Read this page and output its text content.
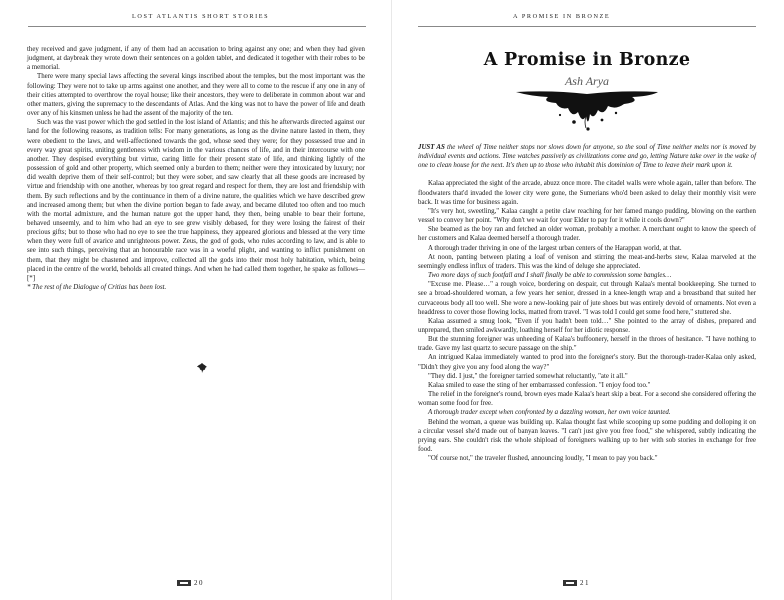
LOST ATLANTIS SHORT STORIES

they received and gave judgment, if any of them had an accusation to bring against any one; and when they had given judgment, at daybreak they wrote down their sentences on a golden tablet, and dedicated it together with their robes to be a memorial.

There were many special laws affecting the several kings inscribed about the temples, but the most important was the following: They were not to take up arms against one another, and they were all to come to the rescue if any one in any of their cities attempted to overthrow the royal house; like their ancestors, they were to deliberate in common about war and other matters, giving the supremacy to the descendants of Atlas. And the king was not to have the power of life and death over any of his kinsmen unless he had the assent of the majority of the ten.

Such was the vast power which the god settled in the lost island of Atlantis; and this he afterwards directed against our land for the following reasons, as tradition tells: For many generations, as long as the divine nature lasted in them, they were obedient to the laws, and well-affectioned towards the god, whose seed they were; for they possessed true and in every way great spirits, uniting gentleness with wisdom in the various chances of life, and in their intercourse with one another. They despised everything but virtue, caring little for their present state of life, and thinking lightly of the possession of gold and other property, which seemed only a burden to them; neither were they intoxicated by luxury; nor did wealth deprive them of their self-control; but they were sober, and saw clearly that all these goods are increased by virtue and friendship with one another, whereas by too great regard and respect for them, they are lost and friendship with them. By such reflections and by the continuance in them of a divine nature, the qualities which we have described grew and increased among them; but when the divine portion began to fade away, and became diluted too often and too much with the mortal admixture, and the human nature got the upper hand, they then, being unable to bear their fortune, behaved unseemly, and to him who had an eye to see grew visibly debased, for they were losing the fairest of their precious gifts; but to those who had no eye to see the true happiness, they appeared glorious and blessed at the very time when they were full of avarice and unrighteous power. Zeus, the god of gods, who rules according to law, and is able to see into such things, perceiving that an honourable race was in a woeful plight, and wanting to inflict punishment on them, that they might be chastened and improve, collected all the gods into their most holy habitation, which, being placed in the centre of the world, beholds all created things. And when he had called them together, he spake as follows—[*]

* The rest of the Dialogue of Critias has been lost.

20
A PROMISE IN BRONZE
A Promise in Bronze
Ash Arya

JUST AS the wheel of Time neither stops nor slows down for anyone, so the soul of Time neither melts nor is moved by individual events and actions. Time watches passively as civilizations come and go, letting Nature take over in the wake of one to clean house for the next. It's then up to those who inhabit this dominion of Time to leave their mark upon it.

Kalaa appreciated the sight of the arcade, abuzz once more. The citadel walls were whole again, taller than before. The floodwaters that'd invaded the lower city were gone, the Sumerians who'd been asked to delay their monthly visit were back. It was time for business again.

"It's very hot, sweetling," Kalaa caught a petite claw reaching for her famed mango pudding, blowing on the earthen vessel to convey her point. "Why don't we wait for your Elder to pay for it while it cools down?"

She beamed as the boy ran and fetched an older woman, probably a mother. A merchant ought to know the speech of her customers and Kalaa deemed herself a thorough trader.

A thorough trader thriving in one of the largest urban centers of the Harappan world, at that.

At noon, panting between plating a loaf of venison and stirring the meat-and-herbs stew, Kalaa marveled at the seemingly endless influx of traders. This was the kind of deluge she appreciated.

Two more days of such footfall and I shall finally be able to commission some bangles…

"Excuse me. Please…" a rough voice, bordering on despair, cut through Kalaa's mental bookkeeping. She turned to see a broad-shouldered woman, a few years her senior, dressed in a knee-length wrap and a breastband that suited her curvaceous body all too well. She wore a new-looking pair of jute shoes but was entirely devoid of ornaments. Not even a headdress to cover those flowing locks, matted from travel. "I was told I could get some food here," stuttered she.

Kalaa assumed a smug look, "Even if you hadn't been told…" She pointed to the array of dishes, prepared and unprepared, then smiled awkwardly, loathing herself for her idiotic response.

But the stunning foreigner was unheeding of Kalaa's buffoonery, herself in the throes of hesitance. "I have nothing to trade. Gave my last quartz to secure passage on the ship."

An intrigued Kalaa immediately wanted to prod into the foreigner's story. But the thorough-trader-Kalaa only asked, "Didn't they give you any food along the way?"

"They did. I just," the foreigner tarried somewhat reluctantly, "ate it all."

Kalaa smiled to ease the sting of her embarrassed confession. "I enjoy food too."

The relief in the foreigner's round, brown eyes made Kalaa's heart skip a beat. For a second she considered offering the woman some food for free.

A thorough trader except when confronted by a dazzling woman, her own voice taunted.

Behind the woman, a queue was building up. Kalaa thought fast while scooping up some pudding and dolloping it on a circular vessel she'd made out of banyan leaves. "I can't just give you free food," she whispered, subtly indicating the prying ears. She couldn't risk the whole shipload of foreigners walking up to her with sob stories in exchange for free food.

"Of course not," the traveler flushed, announcing loudly, "I mean to pay you back."

21
